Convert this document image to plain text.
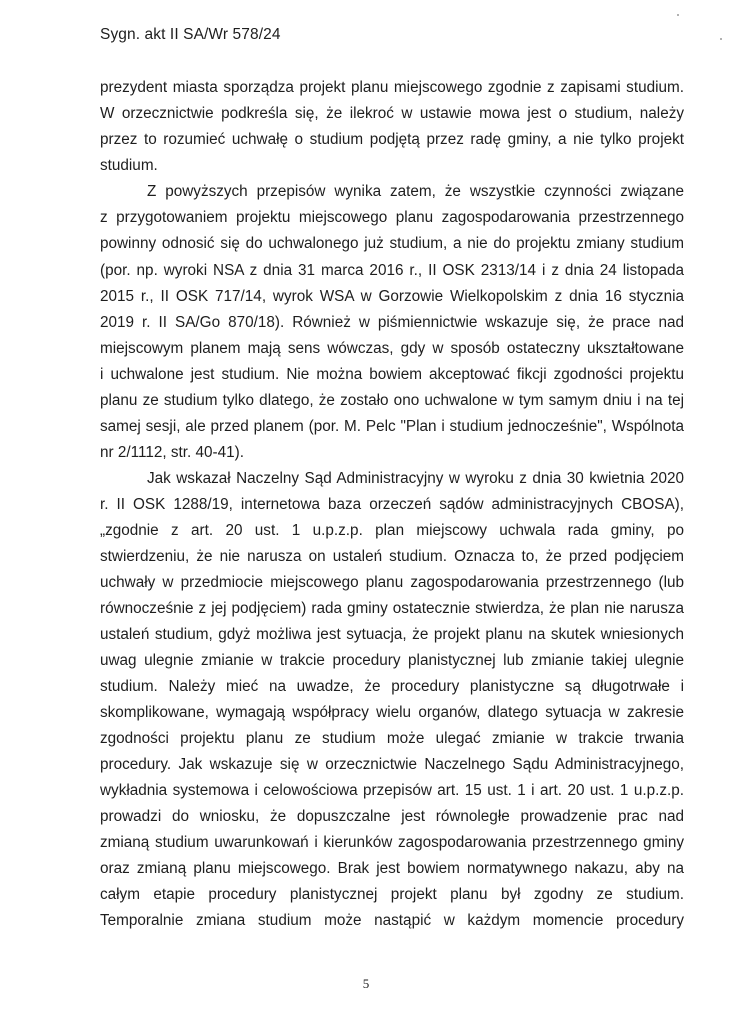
Sygn. akt II SA/Wr 578/24
prezydent miasta sporządza projekt planu miejscowego zgodnie z zapisami studium.
W orzecznictwie podkreśla się, że ilekroć w ustawie mowa jest o studium, należy
przez to rozumieć uchwałę o studium podjętą przez radę gminy, a nie tylko projekt
studium.
Z powyższych przepisów wynika zatem, że wszystkie czynności związane
z przygotowaniem projektu miejscowego planu zagospodarowania przestrzennego
powinny odnosić się do uchwalonego już studium, a nie do projektu zmiany studium
(por. np. wyroki NSA z dnia 31 marca 2016 r., II OSK 2313/14 i z dnia 24 listopada
2015 r., II OSK 717/14, wyrok WSA w Gorzowie Wielkopolskim z dnia 16 stycznia
2019 r. II SA/Go 870/18). Również w piśmiennictwie wskazuje się, że prace nad
miejscowym planem mają sens wówczas, gdy w sposób ostateczny ukształtowane
i uchwalone jest studium. Nie można bowiem akceptować fikcji zgodności projektu
planu ze studium tylko dlatego, że zostało ono uchwalone w tym samym dniu i na tej
samej sesji, ale przed planem (por. M. Pelc "Plan i studium jednocześnie", Wspólnota
nr 2/1112, str. 40-41).
Jak wskazał Naczelny Sąd Administracyjny w wyroku z dnia 30 kwietnia 2020
r. II OSK 1288/19, internetowa baza orzeczeń sądów administracyjnych CBOSA),
„zgodnie z art. 20 ust. 1 u.p.z.p. plan miejscowy uchwala rada gminy, po
stwierdzeniu, że nie narusza on ustaleń studium. Oznacza to, że przed podjęciem
uchwały w przedmiocie miejscowego planu zagospodarowania przestrzennego (lub
równocześnie z jej podjęciem) rada gminy ostatecznie stwierdza, że plan nie narusza
ustaleń studium, gdyż możliwa jest sytuacja, że projekt planu na skutek wniesionych
uwag ulegnie zmianie w trakcie procedury planistycznej lub zmianie takiej ulegnie
studium. Należy mieć na uwadze, że procedury planistyczne są długotrwałe i
skomplikowane, wymagają współpracy wielu organów, dlatego sytuacja w zakresie
zgodności projektu planu ze studium może ulegać zmianie w trakcie trwania
procedury. Jak wskazuje się w orzecznictwie Naczelnego Sądu Administracyjnego,
wykładnia systemowa i celowościowa przepisów art. 15 ust. 1 i art. 20 ust. 1 u.p.z.p.
prowadzi do wniosku, że dopuszczalne jest równoległe prowadzenie prac nad
zmianą studium uwarunkowań i kierunków zagospodarowania przestrzennego gminy
oraz zmianą planu miejscowego. Brak jest bowiem normatywnego nakazu, aby na
całym etapie procedury planistycznej projekt planu był zgodny ze studium.
Temporalnie zmiana studium może nastąpić w każdym momencie procedury
5
